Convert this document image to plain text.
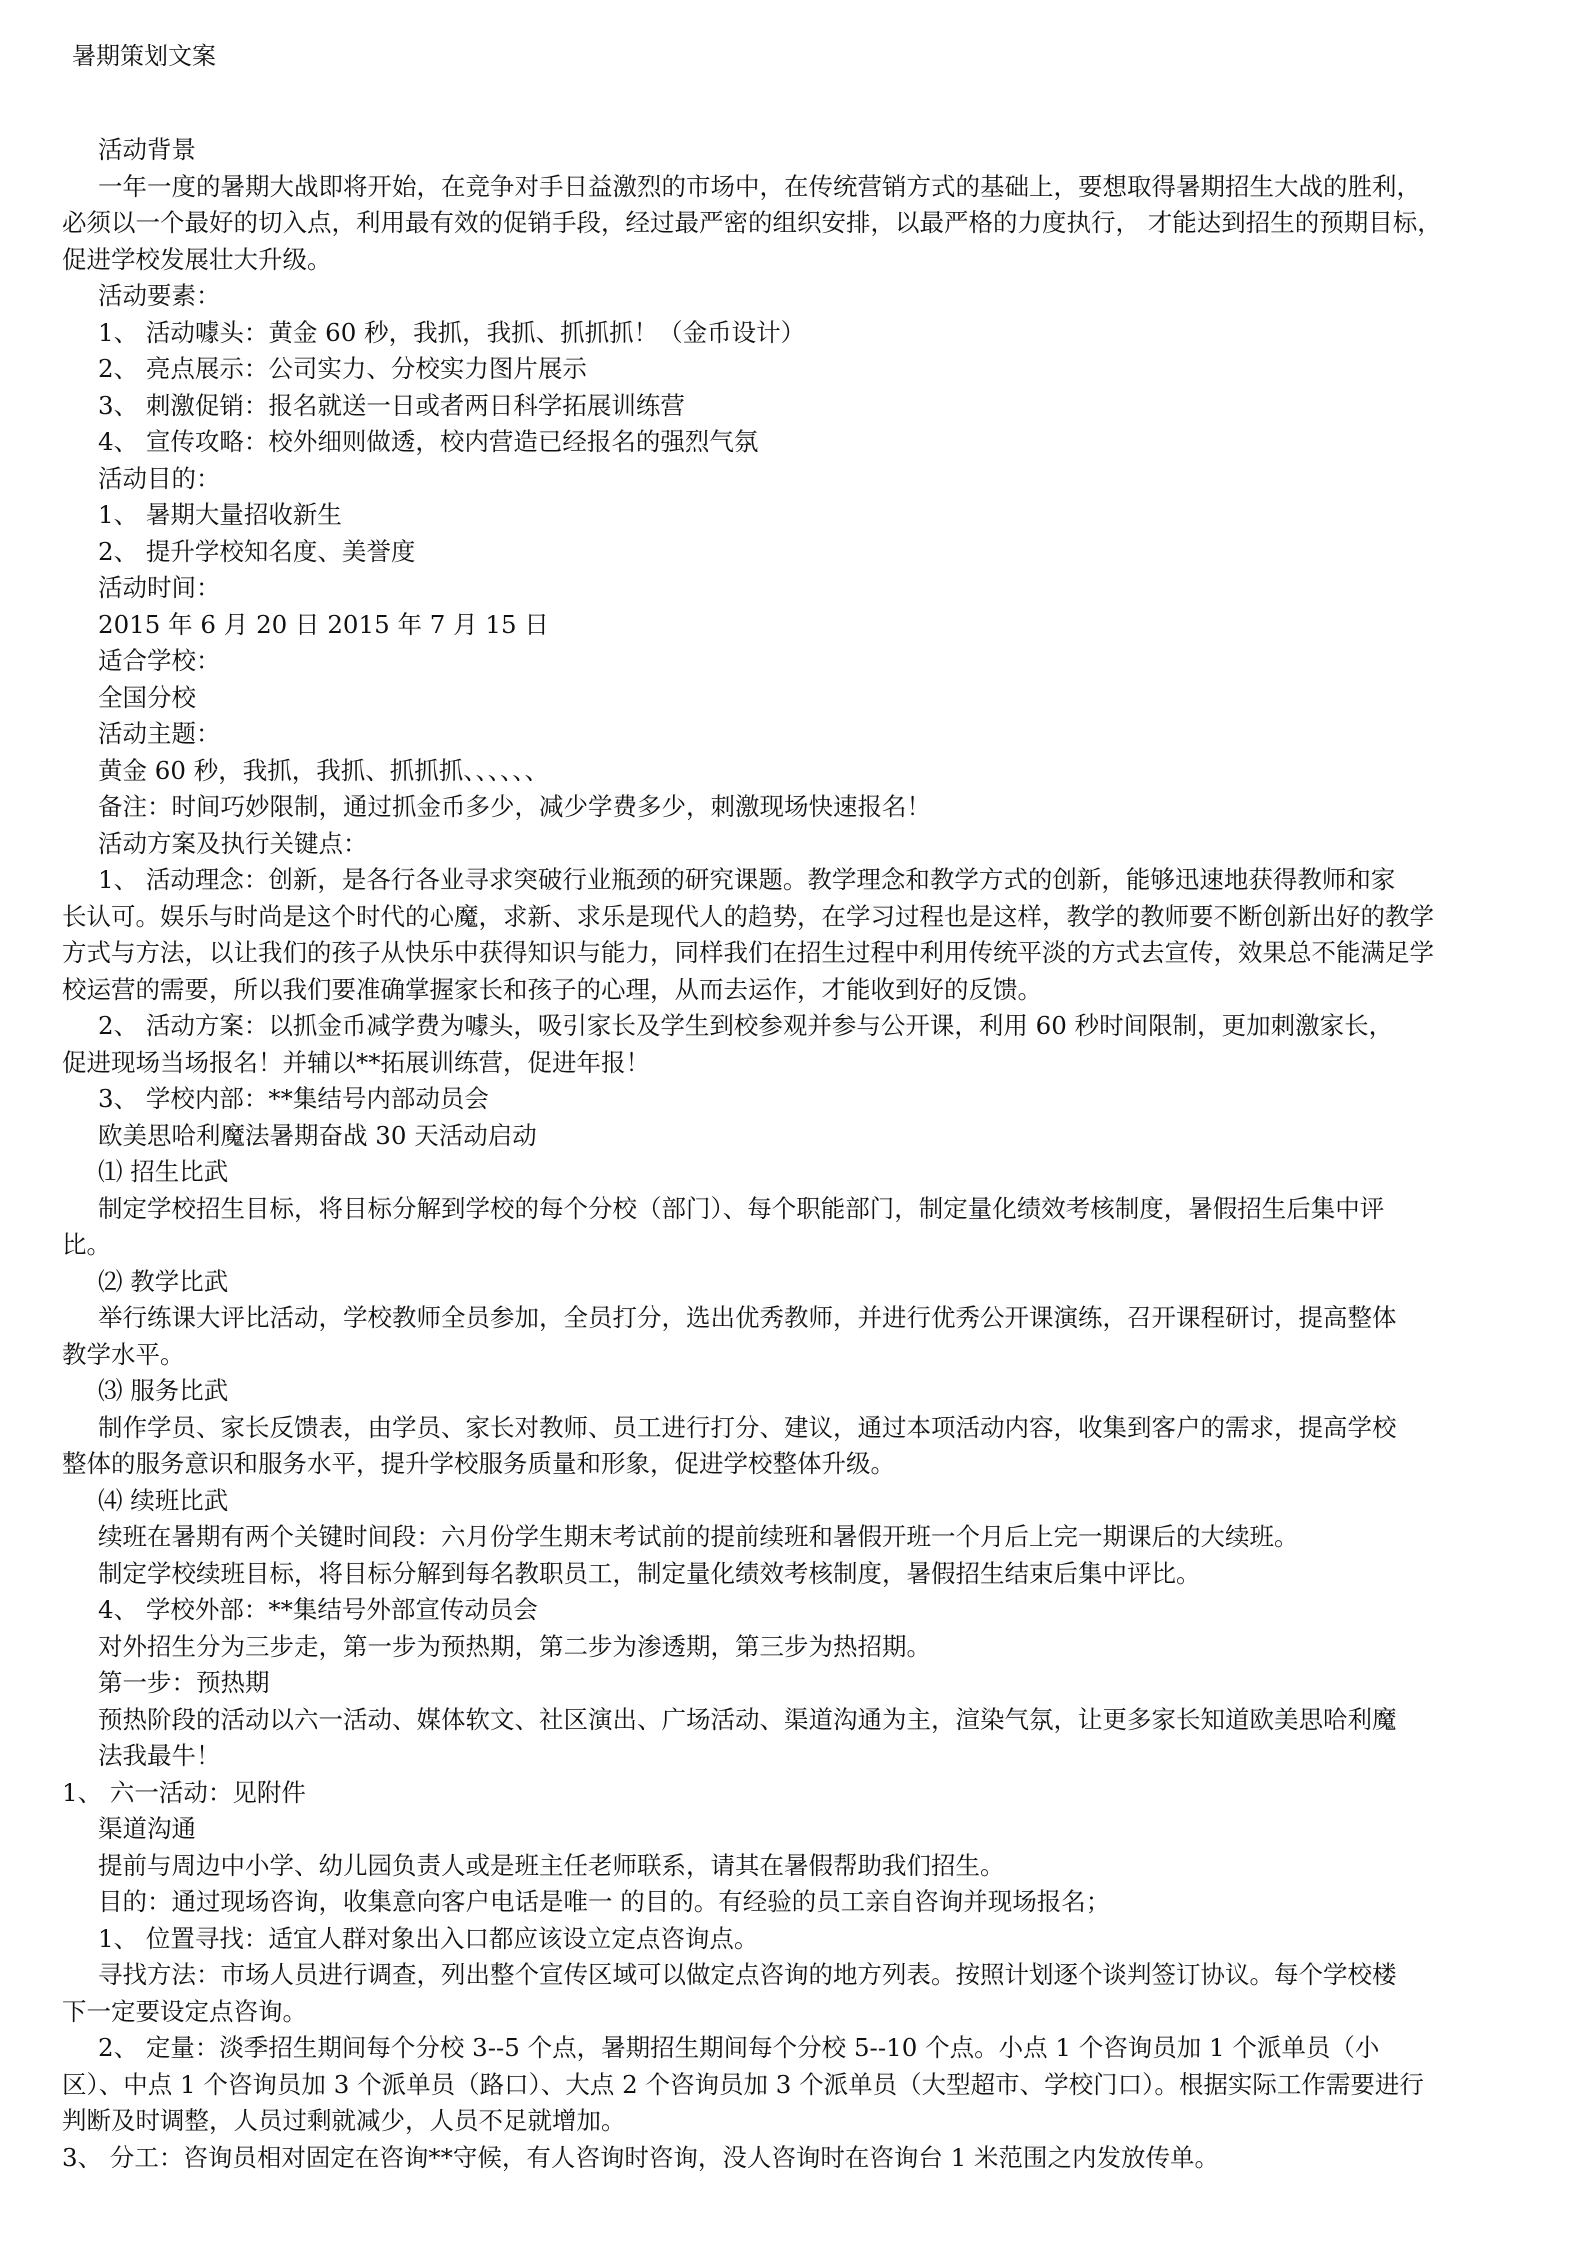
暑期策划文案
活动背景
一年一度的暑期大战即将开始，在竞争对手日益激烈的市场中，在传统营销方式的基础上，要想取得暑期招生大战的胜利，
必须以一个最好的切入点，利用最有效的促销手段，经过最严密的组织安排，以最严格的力度执行， 才能达到招生的预期目标，
促进学校发展壮大升级。
活动要素：
1、 活动噱头：黄金 60 秒，我抓，我抓、抓抓抓！（金币设计）
2、 亮点展示：公司实力、分校实力图片展示
3、 刺激促销：报名就送一日或者两日科学拓展训练营
4、 宣传攻略：校外细则做透，校内营造已经报名的强烈气氛
活动目的：
1、 暑期大量招收新生
2、 提升学校知名度、美誉度
活动时间：
2015 年 6 月 20 日 2015 年 7 月 15 日
适合学校：
全国分校
活动主题：
黄金 60 秒，我抓，我抓、抓抓抓、、、、、、
备注：时间巧妙限制，通过抓金币多少，减少学费多少，刺激现场快速报名！
活动方案及执行关键点：
1、 活动理念：创新，是各行各业寻求突破行业瓶颈的研究课题。教学理念和教学方式的创新，能够迅速地获得教师和家
长认可。娱乐与时尚是这个时代的心魔，求新、求乐是现代人的趋势，在学习过程也是这样，教学的教师要不断创新出好的教学
方式与方法，以让我们的孩子从快乐中获得知识与能力，同样我们在招生过程中利用传统平淡的方式去宣传，效果总不能满足学
校运营的需要，所以我们要准确掌握家长和孩子的心理，从而去运作，才能收到好的反馈。
2、 活动方案：以抓金币减学费为噱头，吸引家长及学生到校参观并参与公开课，利用 60 秒时间限制，更加刺激家长，
促进现场当场报名！并辅以**拓展训练营，促进年报！
3、 学校内部：**集结号内部动员会
欧美思哈利魔法暑期奋战 30 天活动启动
⑴ 招生比武
制定学校招生目标，将目标分解到学校的每个分校（部门）、每个职能部门，制定量化绩效考核制度，暑假招生后集中评
比。
⑵ 教学比武
举行练课大评比活动，学校教师全员参加，全员打分，选出优秀教师，并进行优秀公开课演练，召开课程研讨，提高整体
教学水平。
⑶ 服务比武
制作学员、家长反馈表，由学员、家长对教师、员工进行打分、建议，通过本项活动内容，收集到客户的需求，提高学校
整体的服务意识和服务水平，提升学校服务质量和形象，促进学校整体升级。
⑷ 续班比武
续班在暑期有两个关键时间段：六月份学生期末考试前的提前续班和暑假开班一个月后上完一期课后的大续班。
制定学校续班目标，将目标分解到每名教职员工，制定量化绩效考核制度，暑假招生结束后集中评比。
4、 学校外部：**集结号外部宣传动员会
对外招生分为三步走，第一步为预热期，第二步为渗透期，第三步为热招期。
第一步：预热期
预热阶段的活动以六一活动、媒体软文、社区演出、广场活动、渠道沟通为主，渲染气氛，让更多家长知道欧美思哈利魔
法我最牛！
1、 六一活动：见附件
渠道沟通
提前与周边中小学、幼儿园负责人或是班主任老师联系，请其在暑假帮助我们招生。
目的：通过现场咨询，收集意向客户电话是唯一 的目的。有经验的员工亲自咨询并现场报名；
1、 位置寻找：适宜人群对象出入口都应该设立定点咨询点。
寻找方法：市场人员进行调查，列出整个宣传区域可以做定点咨询的地方列表。按照计划逐个谈判签订协议。每个学校楼
下一定要设定点咨询。
2、 定量：淡季招生期间每个分校 3--5 个点，暑期招生期间每个分校 5--10 个点。小点 1 个咨询员加 1 个派单员（小
区）、中点 1 个咨询员加 3 个派单员（路口）、大点 2 个咨询员加 3 个派单员（大型超市、学校门口）。根据实际工作需要进行
判断及时调整，人员过剩就减少，人员不足就增加。
3、 分工：咨询员相对固定在咨询**守候，有人咨询时咨询，没人咨询时在咨询台 1 米范围之内发放传单。
